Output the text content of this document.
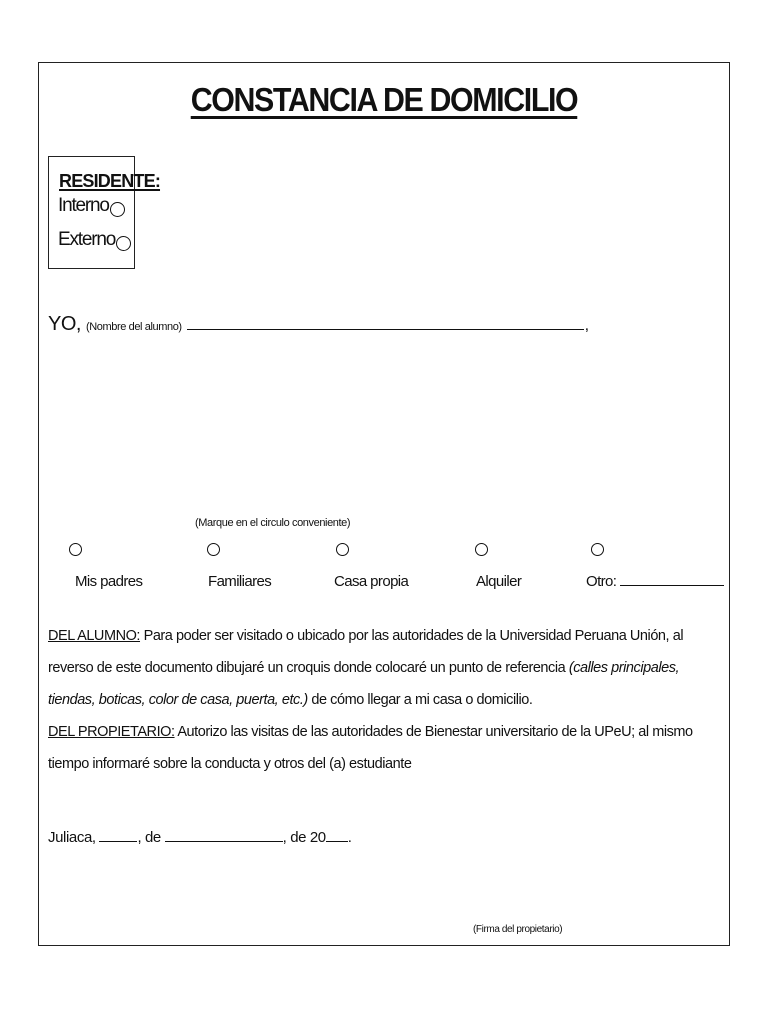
CONSTANCIA DE DOMICILIO
RESIDENTE:
Interno
Externo
YO, (Nombre del alumno)	,
(Marque en el circulo conveniente)
Mis padres	Familiares	Casa propia	Alquiler	Otro:
DEL ALUMNO: Para poder ser visitado o ubicado por las autoridades de la Universidad Peruana Unión, al reverso de este documento dibujaré un croquis donde colocaré un punto de referencia (calles principales, tiendas, boticas, color de casa, puerta, etc.) de cómo llegar a mi casa o domicilio.
DEL PROPIETARIO: Autorizo las visitas de las autoridades de Bienestar universitario de la UPeU; al mismo tiempo informaré sobre la conducta y otros del (a) estudiante
Juliaca,	, de	, de 20 .
(Firma del propietario)
